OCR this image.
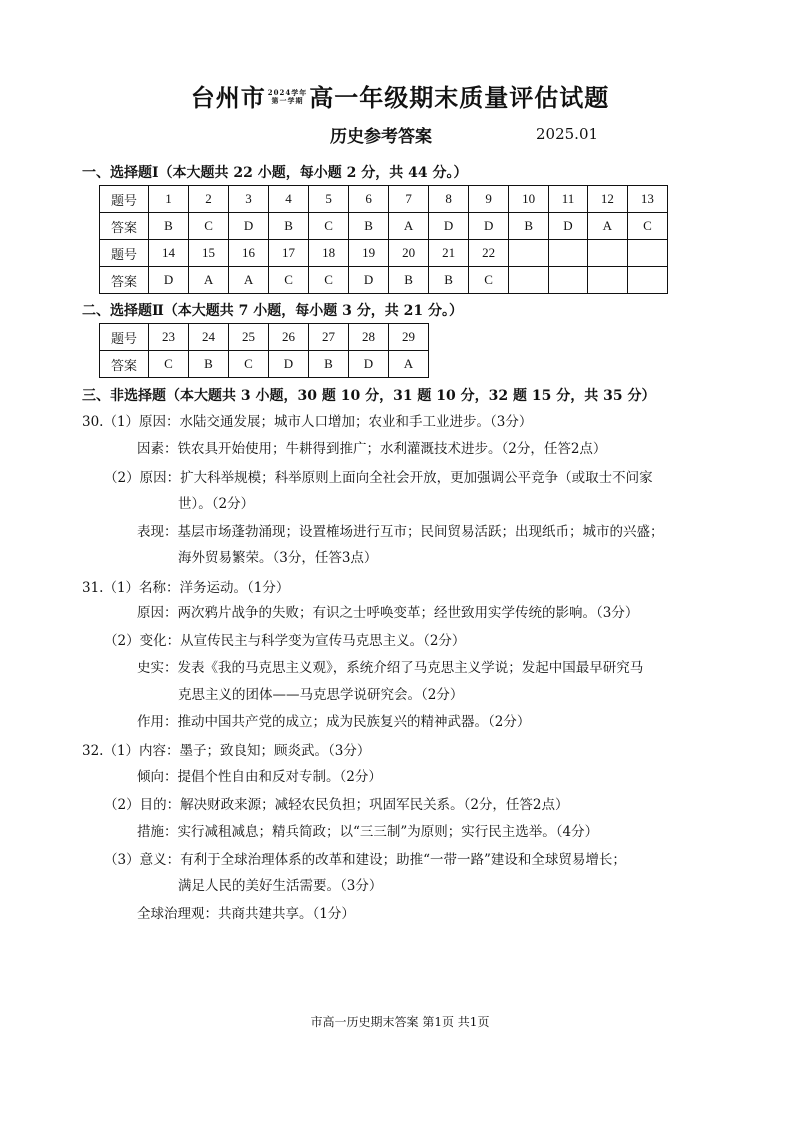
台州市 2024学年
第一学期 高一年级期末质量评估试题
历史参考答案	2025.01
一、选择题Ⅰ（本大题共 22 小题，每小题 2 分，共 44 分。）
题号	1	2	3	4	5	6	7	8	9	10	11	12	13
答案	B	C	D	B	C	B	A	D	D	B	D	A	C
题号	14	15	16	17	18	19	20	21	22				
答案	D	A	A	C	C	D	B	B	C				
二、选择题Ⅱ（本大题共 7 小题，每小题 3 分，共 21 分。）
题号	23	24	25	26	27	28	29
答案	C	B	C	D	B	D	A
三、非选择题（本大题共 3 小题，30 题 10 分，31 题 10 分，32 题 15 分，共 35 分）
30.（1）原因：水陆交通发展；城市人口增加；农业和手工业进步。（3分）
因素：铁农具开始使用；牛耕得到推广；水利灌溉技术进步。（2分，任答2点）
（2）原因：扩大科举规模；科举原则上面向全社会开放，更加强调公平竞争（或取士不问家
世）。（2分）
表现：基层市场蓬勃涌现；设置榷场进行互市；民间贸易活跃；出现纸币；城市的兴盛；
海外贸易繁荣。（3分，任答3点）
31.（1）名称：洋务运动。（1分）
原因：两次鸦片战争的失败；有识之士呼唤变革；经世致用实学传统的影响。（3分）
（2）变化：从宣传民主与科学变为宣传马克思主义。（2分）
史实：发表《我的马克思主义观》，系统介绍了马克思主义学说；发起中国最早研究马
克思主义的团体——马克思学说研究会。（2分）
作用：推动中国共产党的成立；成为民族复兴的精神武器。（2分）
32.（1）内容：墨子；致良知；顾炎武。（3分）
倾向：提倡个性自由和反对专制。（2分）
（2）目的：解决财政来源；减轻农民负担；巩固军民关系。（2分，任答2点）
措施：实行减租减息；精兵简政；以“三三制”为原则；实行民主选举。（4分）
（3）意义：有利于全球治理体系的改革和建设；助推“一带一路”建设和全球贸易增长；
满足人民的美好生活需要。（3分）
全球治理观：共商共建共享。（1分）
市高一历史期末答案 第1页 共1页
